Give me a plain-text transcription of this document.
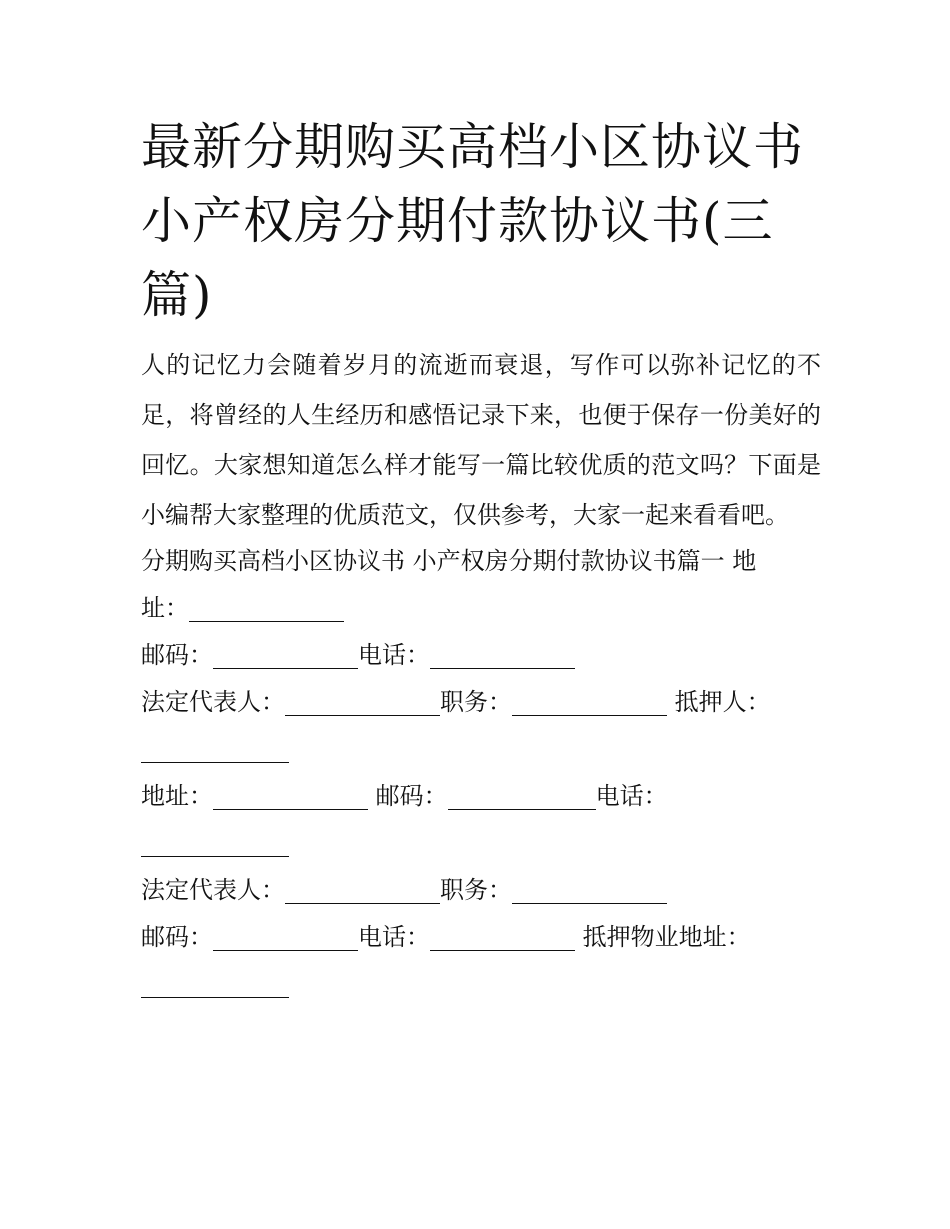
最新分期购买高档小区协议书 小产权房分期付款协议书(三篇)

人的记忆力会随着岁月的流逝而衰退，写作可以弥补记忆的不足，将曾经的人生经历和感悟记录下来，也便于保存一份美好的回忆。大家想知道怎么样才能写一篇比较优质的范文吗？下面是小编帮大家整理的优质范文，仅供参考，大家一起来看看吧。

分期购买高档小区协议书 小产权房分期付款协议书篇一 地
址：
邮码：	电话：
法定代表人：	职务：	抵押人：
地址：	邮码：	电话：
法定代表人：	职务：
邮码：	电话：	抵押物业地址：
